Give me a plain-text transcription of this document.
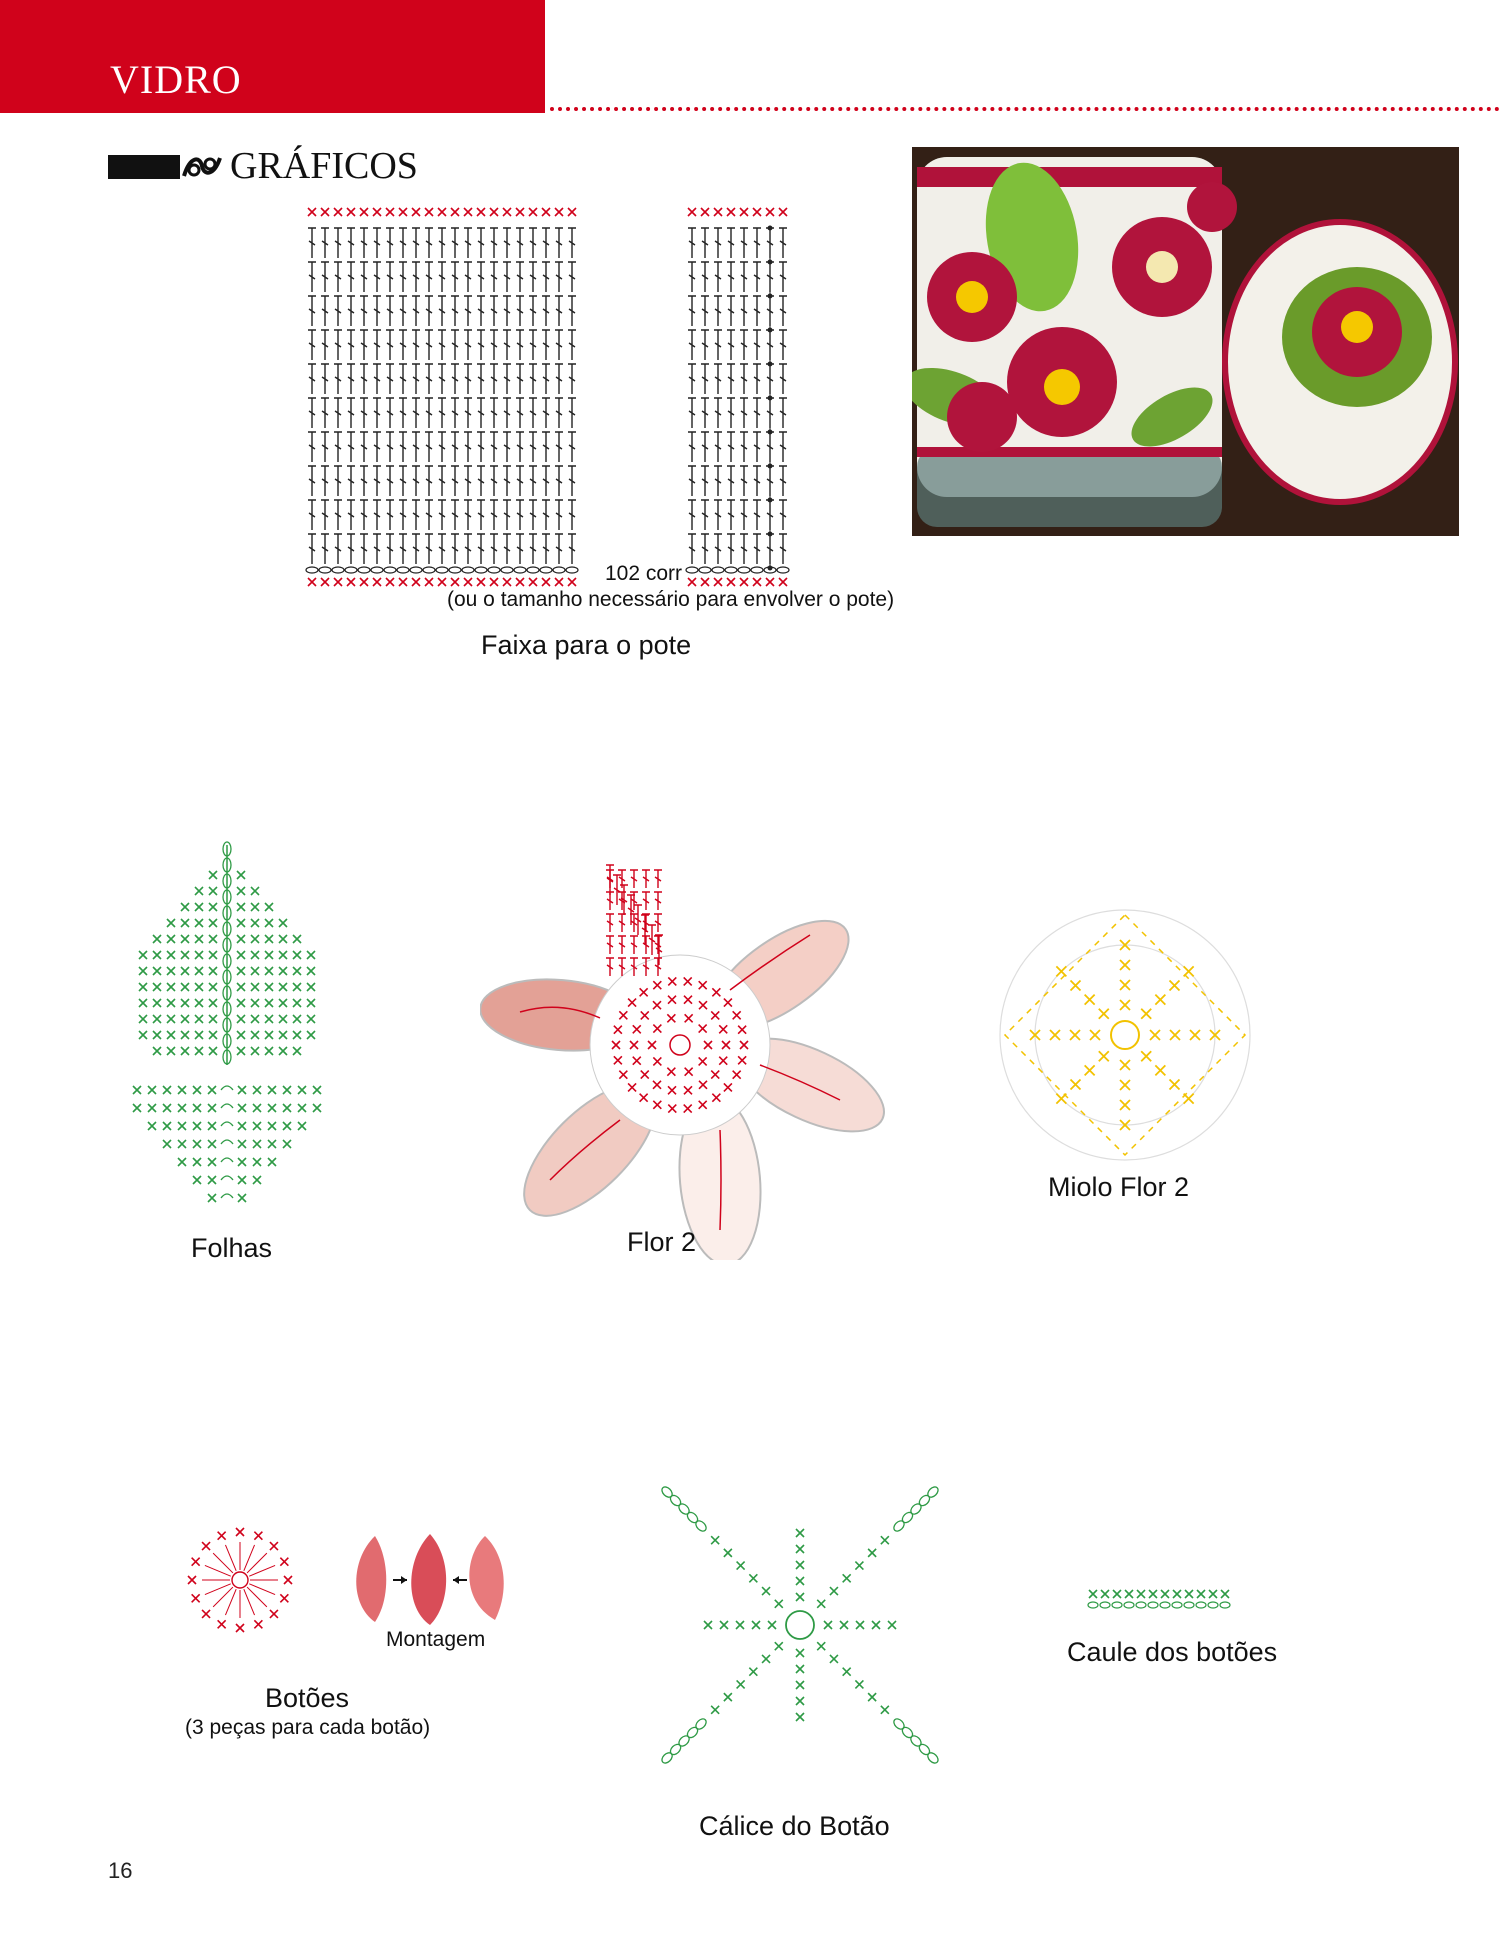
VIDRO
GRÁFICOS
102 corr
(ou o tamanho necessário para envolver o pote)
Faixa para o pote
Folhas	Flor 2
Miolo Flor 2
Montagem
Botões
(3 peças para cada botão)
Cálice do Botão
Caule dos botões
16
